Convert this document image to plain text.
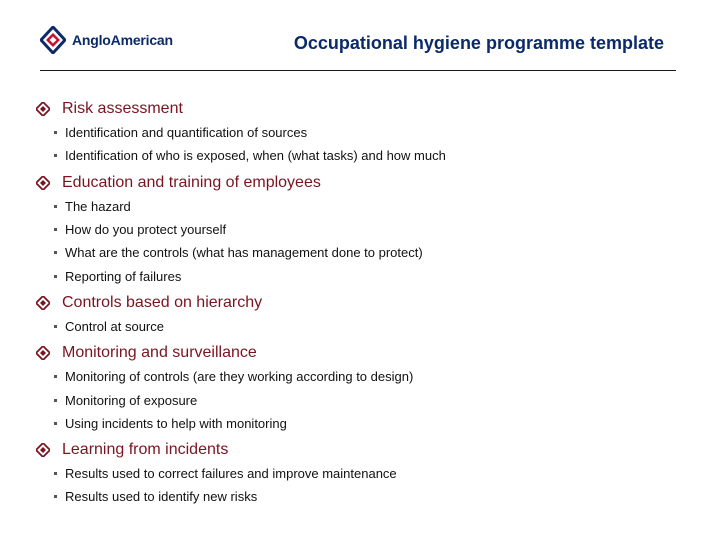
AngloAmerican	Occupational hygiene programme template
Risk assessment
Identification and quantification of sources
Identification of who is exposed, when (what tasks) and how much
Education and training of employees
The hazard
How do you protect yourself
What are the controls (what has management done to protect)
Reporting of failures
Controls based on hierarchy
Control at source
Monitoring and surveillance
Monitoring of controls (are they working according to design)
Monitoring of exposure
Using incidents to help with monitoring
Learning from incidents
Results used to correct failures and improve maintenance
Results used to identify new risks
